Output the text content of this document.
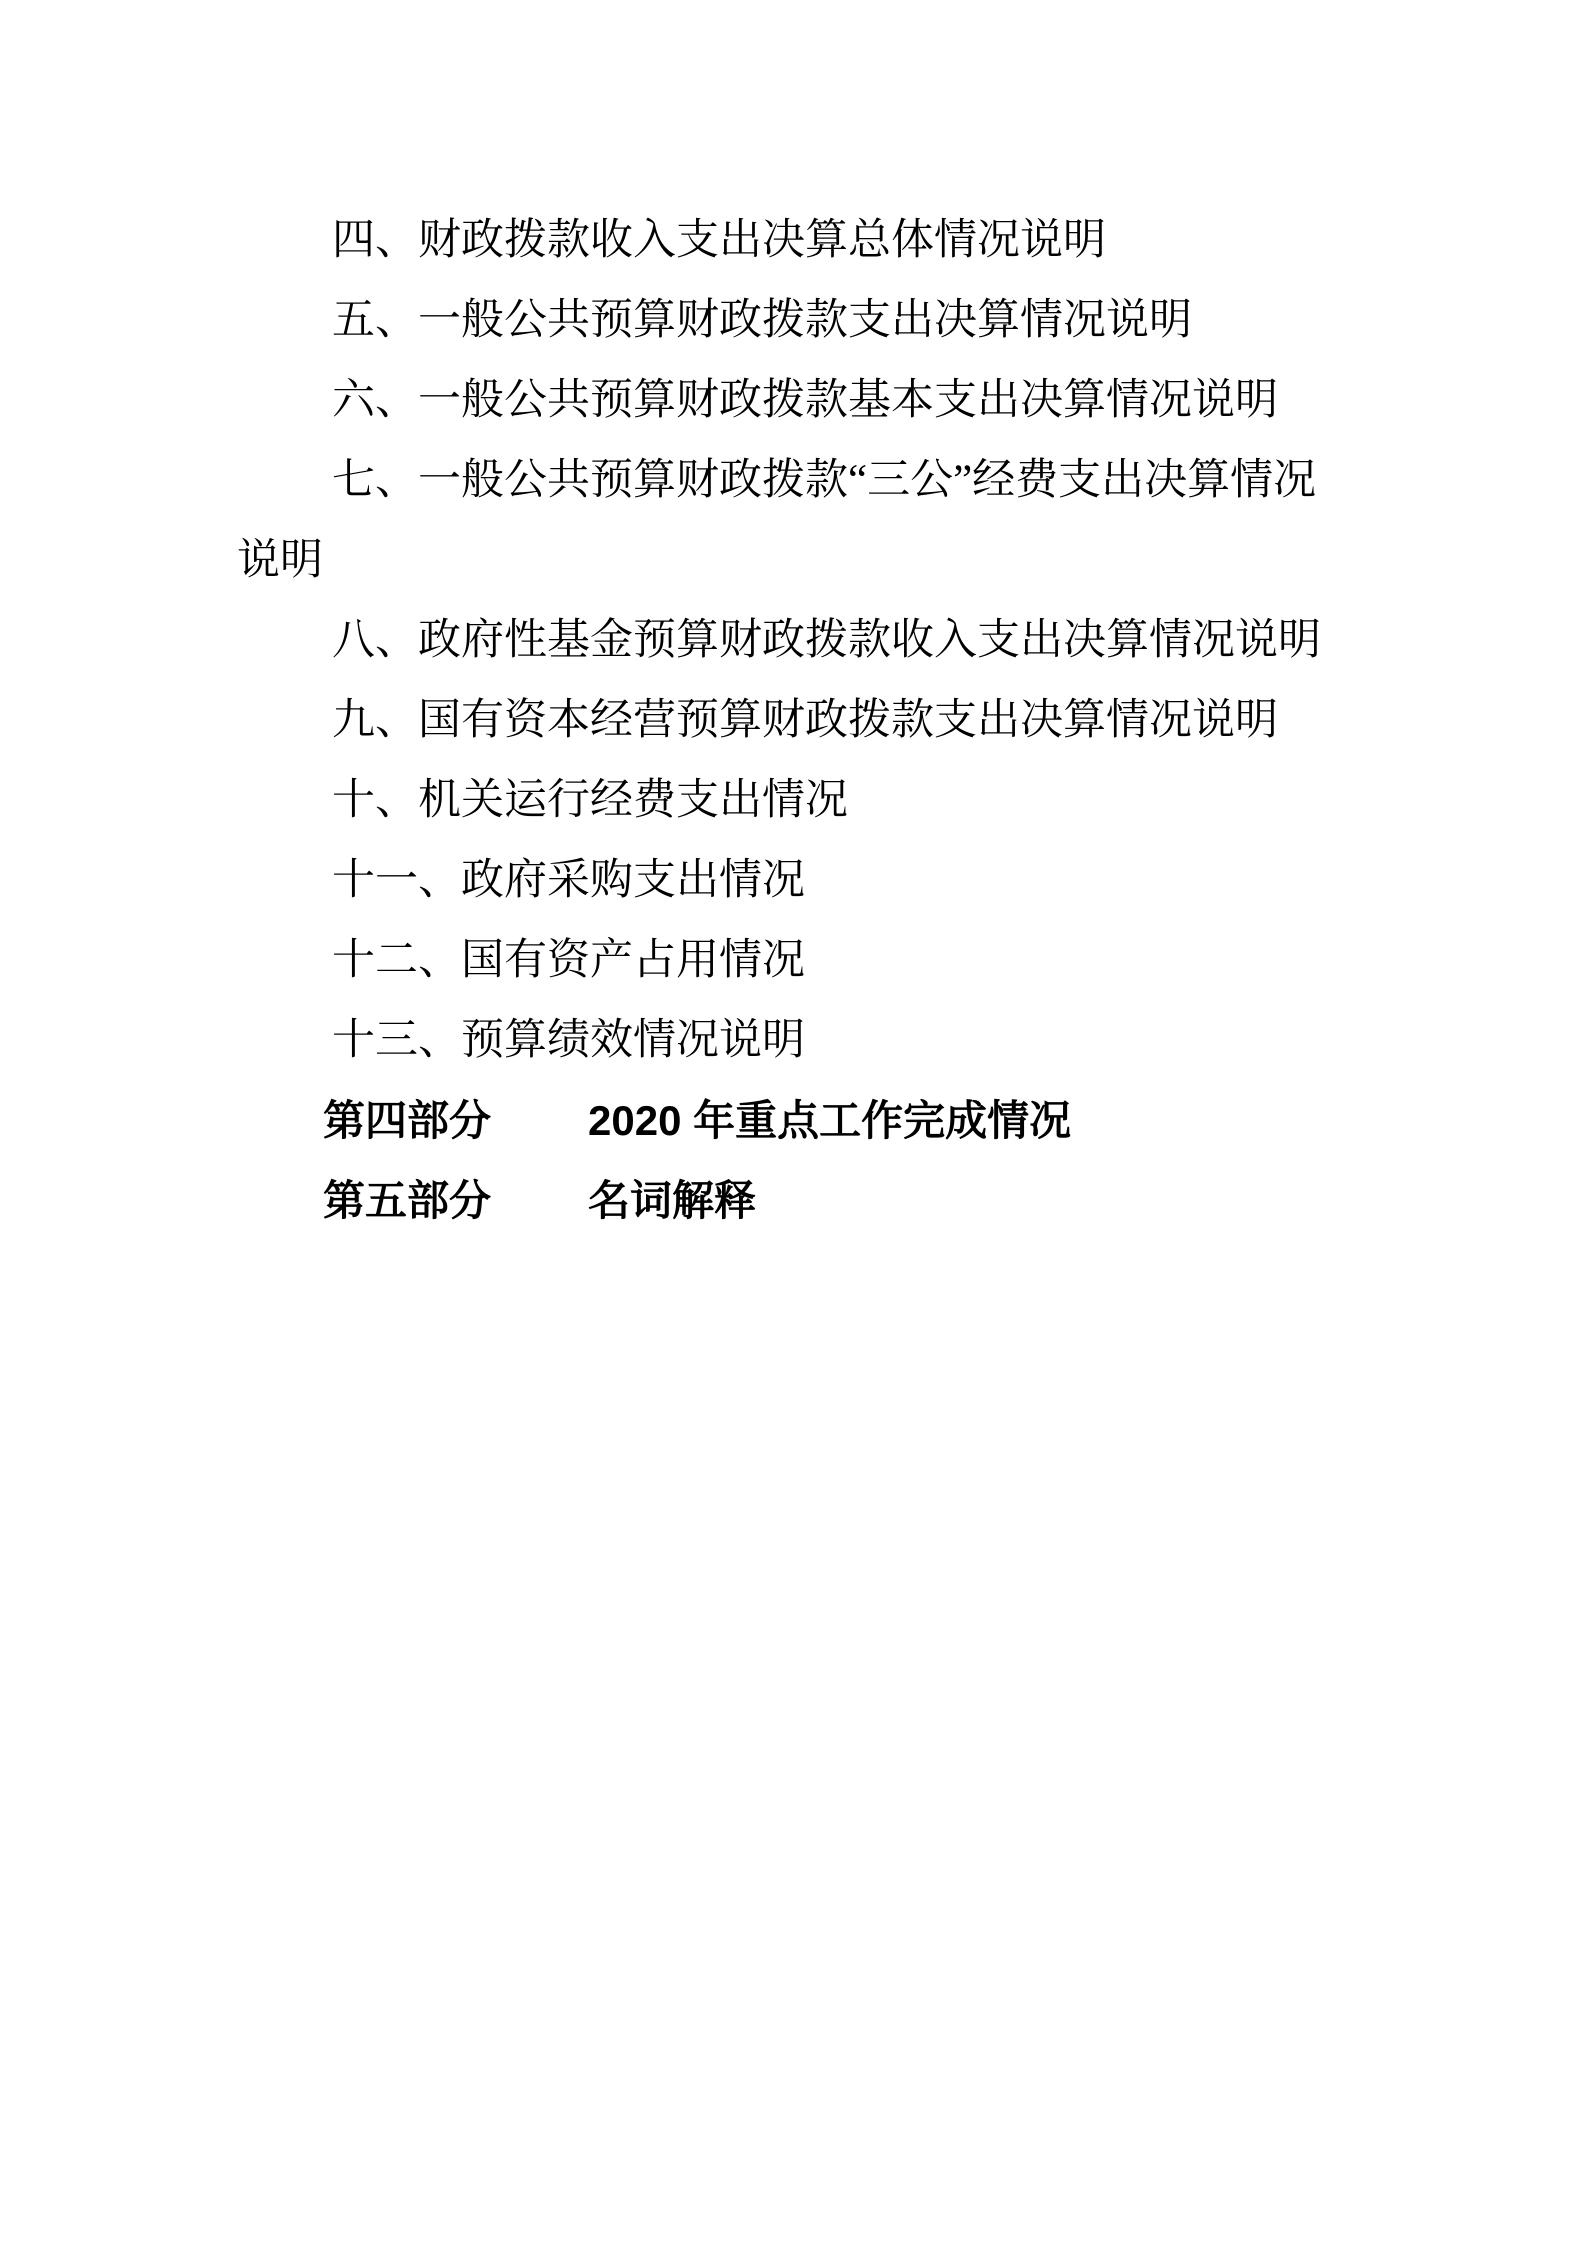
四、财政拨款收入支出决算总体情况说明

五、一般公共预算财政拨款支出决算情况说明

六、一般公共预算财政拨款基本支出决算情况说明

七、一般公共预算财政拨款“三公”经费支出决算情况

说明

八、政府性基金预算财政拨款收入支出决算情况说明

九、国有资本经营预算财政拨款支出决算情况说明

十、机关运行经费支出情况

十一、政府采购支出情况

十二、国有资产占用情况

十三、预算绩效情况说明

第四部分 2020 年重点工作完成情况

第五部分 名词解释
